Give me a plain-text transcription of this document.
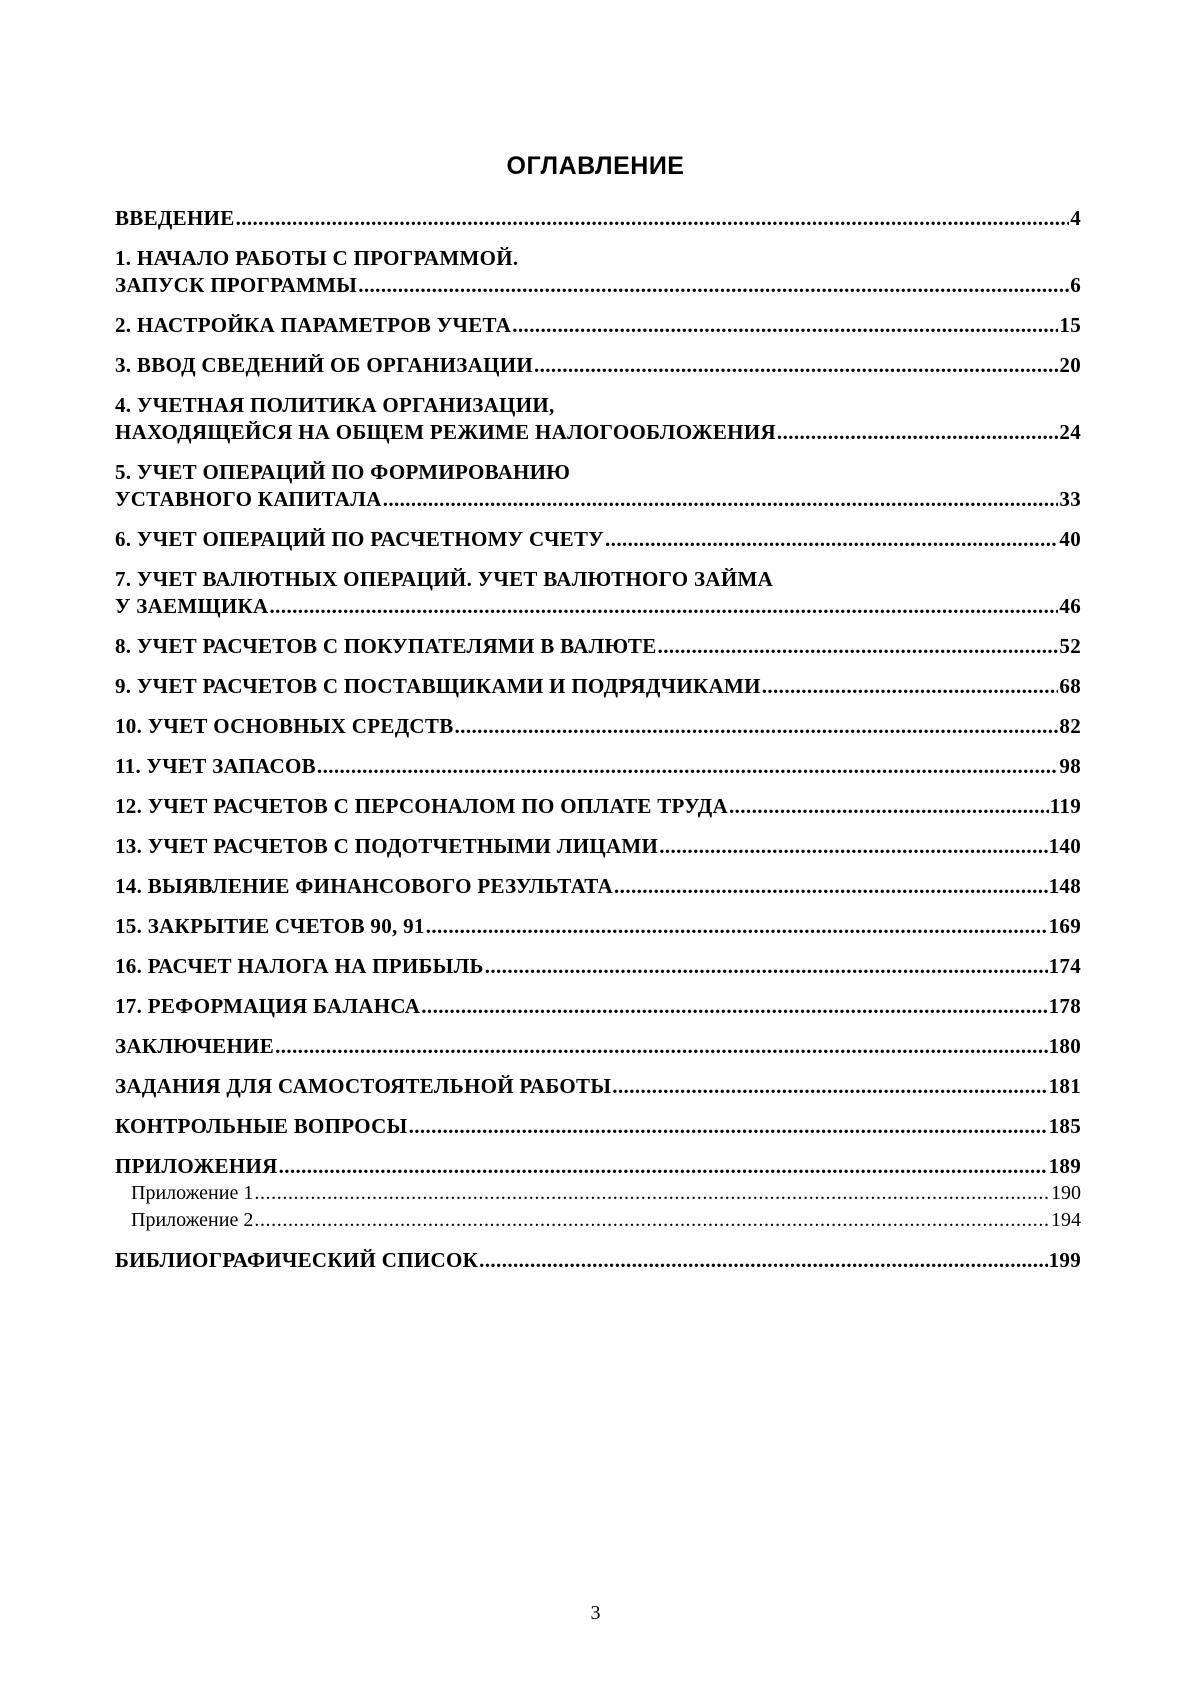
ОГЛАВЛЕНИЕ
ВВЕДЕНИЕ .....	4
1. НАЧАЛО РАБОТЫ С ПРОГРАММОЙ.
ЗАПУСК ПРОГРАММЫ .....	6
2. НАСТРОЙКА ПАРАМЕТРОВ УЧЕТА .....	15
3. ВВОД СВЕДЕНИЙ ОБ ОРГАНИЗАЦИИ .....	20
4. УЧЕТНАЯ ПОЛИТИКА ОРГАНИЗАЦИИ,
НАХОДЯЩЕЙСЯ НА ОБЩЕМ РЕЖИМЕ НАЛОГООБЛОЖЕНИЯ .....	24
5. УЧЕТ ОПЕРАЦИЙ ПО ФОРМИРОВАНИЮ
УСТАВНОГО КАПИТАЛА .....	33
6. УЧЕТ ОПЕРАЦИЙ ПО РАСЧЕТНОМУ СЧЕТУ .....	40
7. УЧЕТ ВАЛЮТНЫХ ОПЕРАЦИЙ. УЧЕТ ВАЛЮТНОГО ЗАЙМА
У ЗАЕМЩИКА .....	46
8. УЧЕТ РАСЧЕТОВ С ПОКУПАТЕЛЯМИ В ВАЛЮТЕ .....	52
9. УЧЕТ РАСЧЕТОВ С ПОСТАВЩИКАМИ И ПОДРЯДЧИКАМИ .....	68
10. УЧЕТ ОСНОВНЫХ СРЕДСТВ .....	82
11. УЧЕТ ЗАПАСОВ .....	98
12. УЧЕТ РАСЧЕТОВ С ПЕРСОНАЛОМ ПО ОПЛАТЕ ТРУДА .....	119
13. УЧЕТ РАСЧЕТОВ С ПОДОТЧЕТНЫМИ ЛИЦАМИ .....	140
14. ВЫЯВЛЕНИЕ ФИНАНСОВОГО РЕЗУЛЬТАТА .....	148
15. ЗАКРЫТИЕ СЧЕТОВ 90, 91 .....	169
16. РАСЧЕТ НАЛОГА НА ПРИБЫЛЬ .....	174
17. РЕФОРМАЦИЯ БАЛАНСА .....	178
ЗАКЛЮЧЕНИЕ .....	180
ЗАДАНИЯ ДЛЯ САМОСТОЯТЕЛЬНОЙ РАБОТЫ .....	181
КОНТРОЛЬНЫЕ ВОПРОСЫ .....	185
ПРИЛОЖЕНИЯ .....	189
Приложение 1 .....	190
Приложение 2 .....	194
БИБЛИОГРАФИЧЕСКИЙ СПИСОК .....	199
3
